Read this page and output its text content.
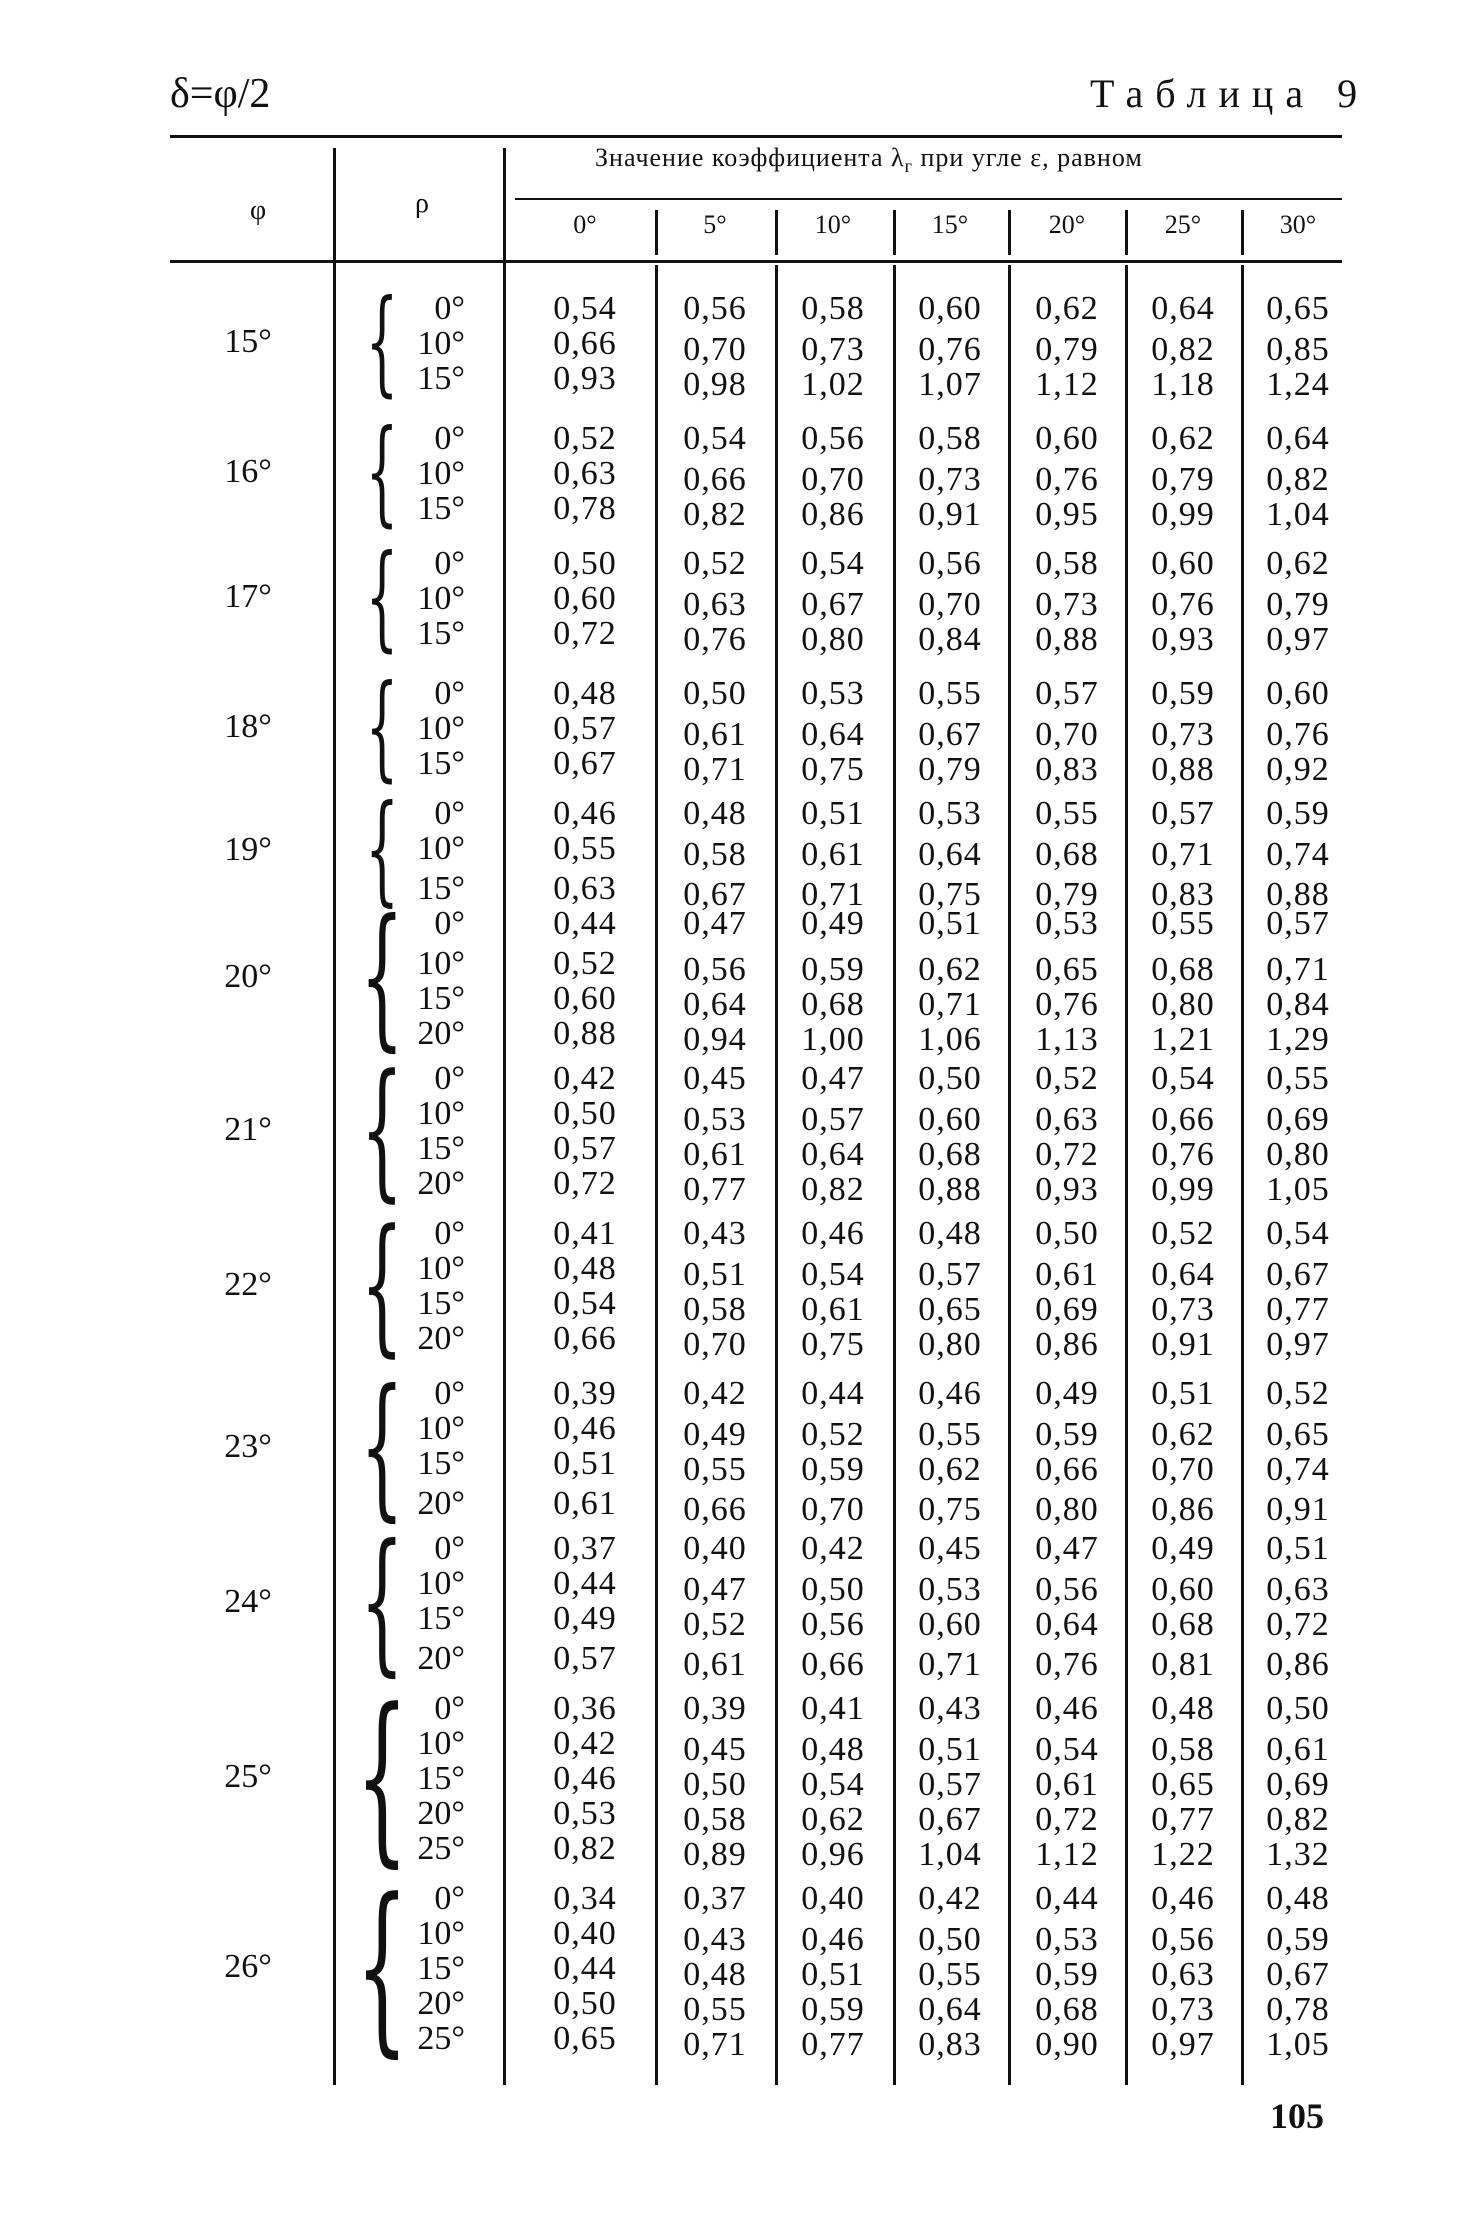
δ=φ/2	Таблица 9
Значение коэффициента $\lambda_г$ при угле ε, равном
φ	ρ
0°	5°	10°	15°	20°	25°	30°
15° { 0°	0,54 0,56 0,58 0,60 0,62 0,64 0,65
10°	0,66 0,70 0,73 0,76 0,79 0,82 0,85
15°	0,93 0,98 1,02 1,07 1,12 1,18 1,24
16° { 0°	0,52 0,54 0,56 0,58 0,60 0,62 0,64
10°	0,63 0,66 0,70 0,73 0,76 0,79 0,82
15°	0,78 0,82 0,86 0,91 0,95 0,99 1,04
17° { 0°	0,50 0,52 0,54 0,56 0,58 0,60 0,62
10°	0,60 0,63 0,67 0,70 0,73 0,76 0,79
15°	0,72 0,76 0,80 0,84 0,88 0,93 0,97
18° { 0°	0,48 0,50 0,53 0,55 0,57 0,59 0,60
10°	0,57 0,61 0,64 0,67 0,70 0,73 0,76
15°	0,67 0,71 0,75 0,79 0,83 0,88 0,92
19° { 0°	0,46 0,48 0,51 0,53 0,55 0,57 0,59
10°	0,55 0,58 0,61 0,64 0,68 0,71 0,74
15°	0,63 0,67 0,71 0,75 0,79 0,83 0,88
20° { 0°	0,44 0,47 0,49 0,51 0,53 0,55 0,57
10°	0,52 0,56 0,59 0,62 0,65 0,68 0,71
15°	0,60 0,64 0,68 0,71 0,76 0,80 0,84
20°	0,88 0,94 1,00 1,06 1,13 1,21 1,29
21° { 0°	0,42 0,45 0,47 0,50 0,52 0,54 0,55
10°	0,50 0,53 0,57 0,60 0,63 0,66 0,69
15°	0,57 0,61 0,64 0,68 0,72 0,76 0,80
20°	0,72 0,77 0,82 0,88 0,93 0,99 1,05
22° { 0°	0,41 0,43 0,46 0,48 0,50 0,52 0,54
10°	0,48 0,51 0,54 0,57 0,61 0,64 0,67
15°	0,54 0,58 0,61 0,65 0,69 0,73 0,77
20°	0,66 0,70 0,75 0,80 0,86 0,91 0,97
23° { 0°	0,39 0,42 0,44 0,46 0,49 0,51 0,52
10°	0,46 0,49 0,52 0,55 0,59 0,62 0,65
15°	0,51 0,55 0,59 0,62 0,66 0,70 0,74
20°	0,61 0,66 0,70 0,75 0,80 0,86 0,91
24° { 0°	0,37 0,40 0,42 0,45 0,47 0,49 0,51
10°	0,44 0,47 0,50 0,53 0,56 0,60 0,63
15°	0,49 0,52 0,56 0,60 0,64 0,68 0,72
20°	0,57 0,61 0,66 0,71 0,76 0,81 0,86
25° { 0°	0,36 0,39 0,41 0,43 0,46 0,48 0,50
10°	0,42 0,45 0,48 0,51 0,54 0,58 0,61
15°	0,46 0,50 0,54 0,57 0,61 0,65 0,69
20°	0,53 0,58 0,62 0,67 0,72 0,77 0,82
25°	0,82 0,89 0,96 1,04 1,12 1,22 1,32
26° { 0°	0,34 0,37 0,40 0,42 0,44 0,46 0,48
10°	0,40 0,43 0,46 0,50 0,53 0,56 0,59
15°	0,44 0,48 0,51 0,55 0,59 0,63 0,67
20°	0,50 0,55 0,59 0,64 0,68 0,73 0,78
25°	0,65 0,71 0,77 0,83 0,90 0,97 1,05
105
